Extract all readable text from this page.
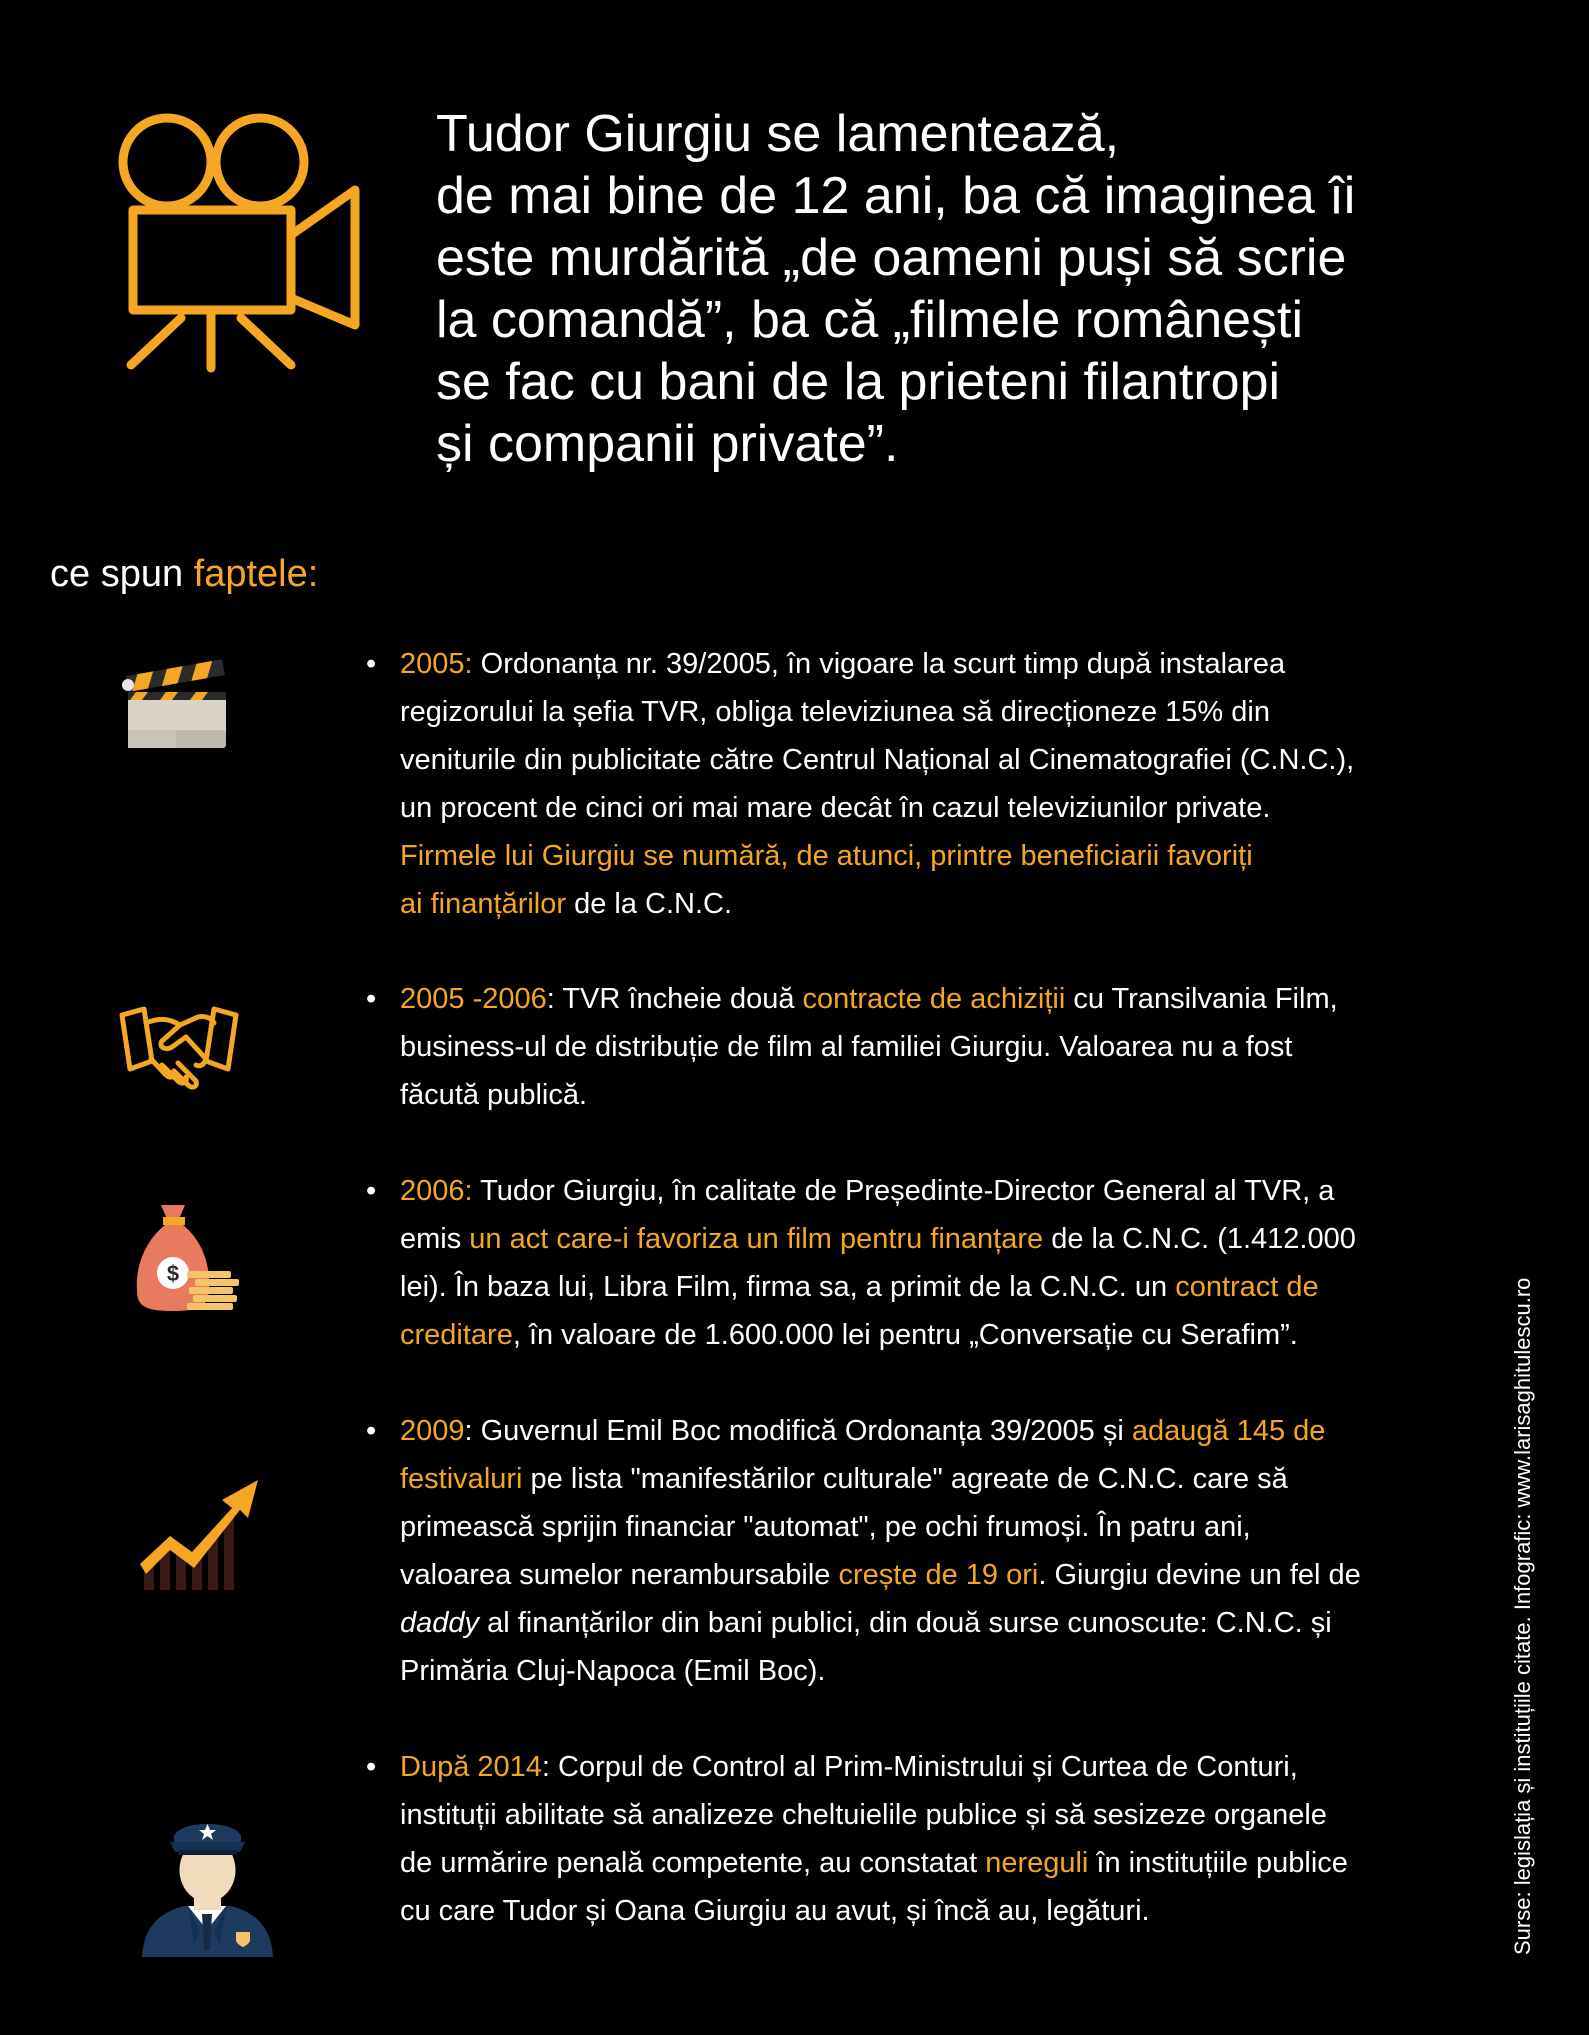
Tudor Giurgiu se lamentează,
de mai bine de 12 ani, ba că imaginea îi
este murdărită „de oameni puși să scrie
la comandă”, ba că „filmele românești
se fac cu bani de la prieteni filantropi
și companii private”.
ce spun faptele:
$

• 2005: Ordonanța nr. 39/2005, în vigoare la scurt timp după instalarea
regizorului la șefia TVR, obliga televiziunea să direcționeze 15% din
veniturile din publicitate către Centrul Național al Cinematografiei (C.N.C.),
un procent de cinci ori mai mare decât în cazul televiziunilor private.
Firmele lui Giurgiu se numără, de atunci, printre beneficiarii favoriți
ai finanțărilor de la C.N.C.

• 2005 -2006: TVR încheie două contracte de achiziții cu Transilvania Film,
business-ul de distribuție de film al familiei Giurgiu. Valoarea nu a fost
făcută publică.

• 2006: Tudor Giurgiu, în calitate de Președinte-Director General al TVR, a
emis un act care-i favoriza un film pentru finanțare de la C.N.C. (1.412.000
lei). În baza lui, Libra Film, firma sa, a primit de la C.N.C. un contract de
creditare, în valoare de 1.600.000 lei pentru „Conversație cu Serafim”.

• 2009: Guvernul Emil Boc modifică Ordonanța 39/2005 și adaugă 145 de
festivaluri pe lista "manifestărilor culturale" agreate de C.N.C. care să
primească sprijin financiar "automat", pe ochi frumoși. În patru ani,
valoarea sumelor nerambursabile crește de 19 ori. Giurgiu devine un fel de
daddy al finanțărilor din bani publici, din două surse cunoscute: C.N.C. și
Primăria Cluj-Napoca (Emil Boc).

• După 2014: Corpul de Control al Prim-Ministrului și Curtea de Conturi,
instituții abilitate să analizeze cheltuielile publice și să sesizeze organele
de urmărire penală competente, au constatat nereguli în instituțiile publice
cu care Tudor și Oana Giurgiu au avut, și încă au, legături.	Surse: legislația și instituțiile citate. Infografic: www.larisaghitulescu.ro
